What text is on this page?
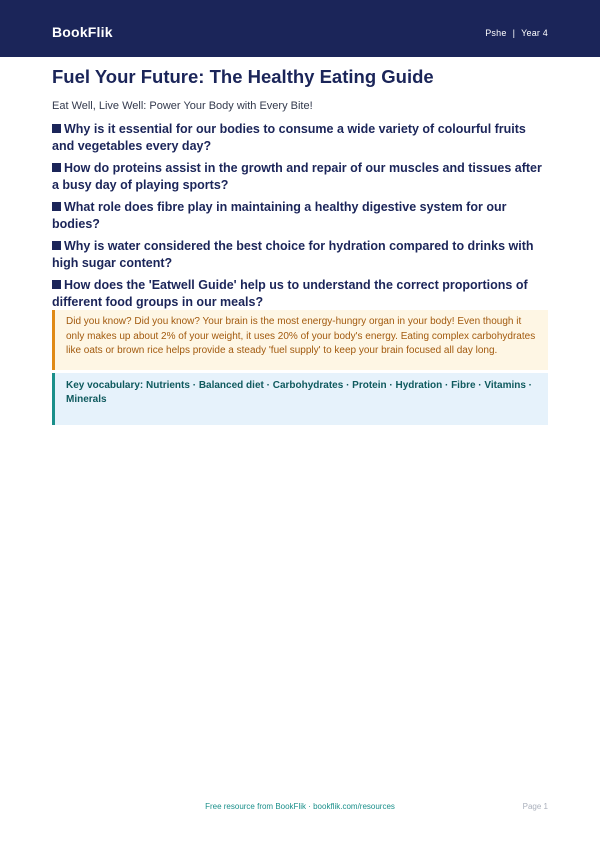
BookFlik	Pshe | Year 4
Fuel Your Future: The Healthy Eating Guide
Eat Well, Live Well: Power Your Body with Every Bite!
Why is it essential for our bodies to consume a wide variety of colourful fruits and vegetables every day?
How do proteins assist in the growth and repair of our muscles and tissues after a busy day of playing sports?
What role does fibre play in maintaining a healthy digestive system for our bodies?
Why is water considered the best choice for hydration compared to drinks with high sugar content?
How does the 'Eatwell Guide' help us to understand the correct proportions of different food groups in our meals?
Did you know? Did you know? Your brain is the most energy-hungry organ in your body! Even though it only makes up about 2% of your weight, it uses 20% of your body's energy. Eating complex carbohydrates like oats or brown rice helps provide a steady 'fuel supply' to keep your brain focused all day long.
Key vocabulary: Nutrients · Balanced diet · Carbohydrates · Protein · Hydration · Fibre · Vitamins · Minerals
Free resource from BookFlik · bookflik.com/resources	Page 1
